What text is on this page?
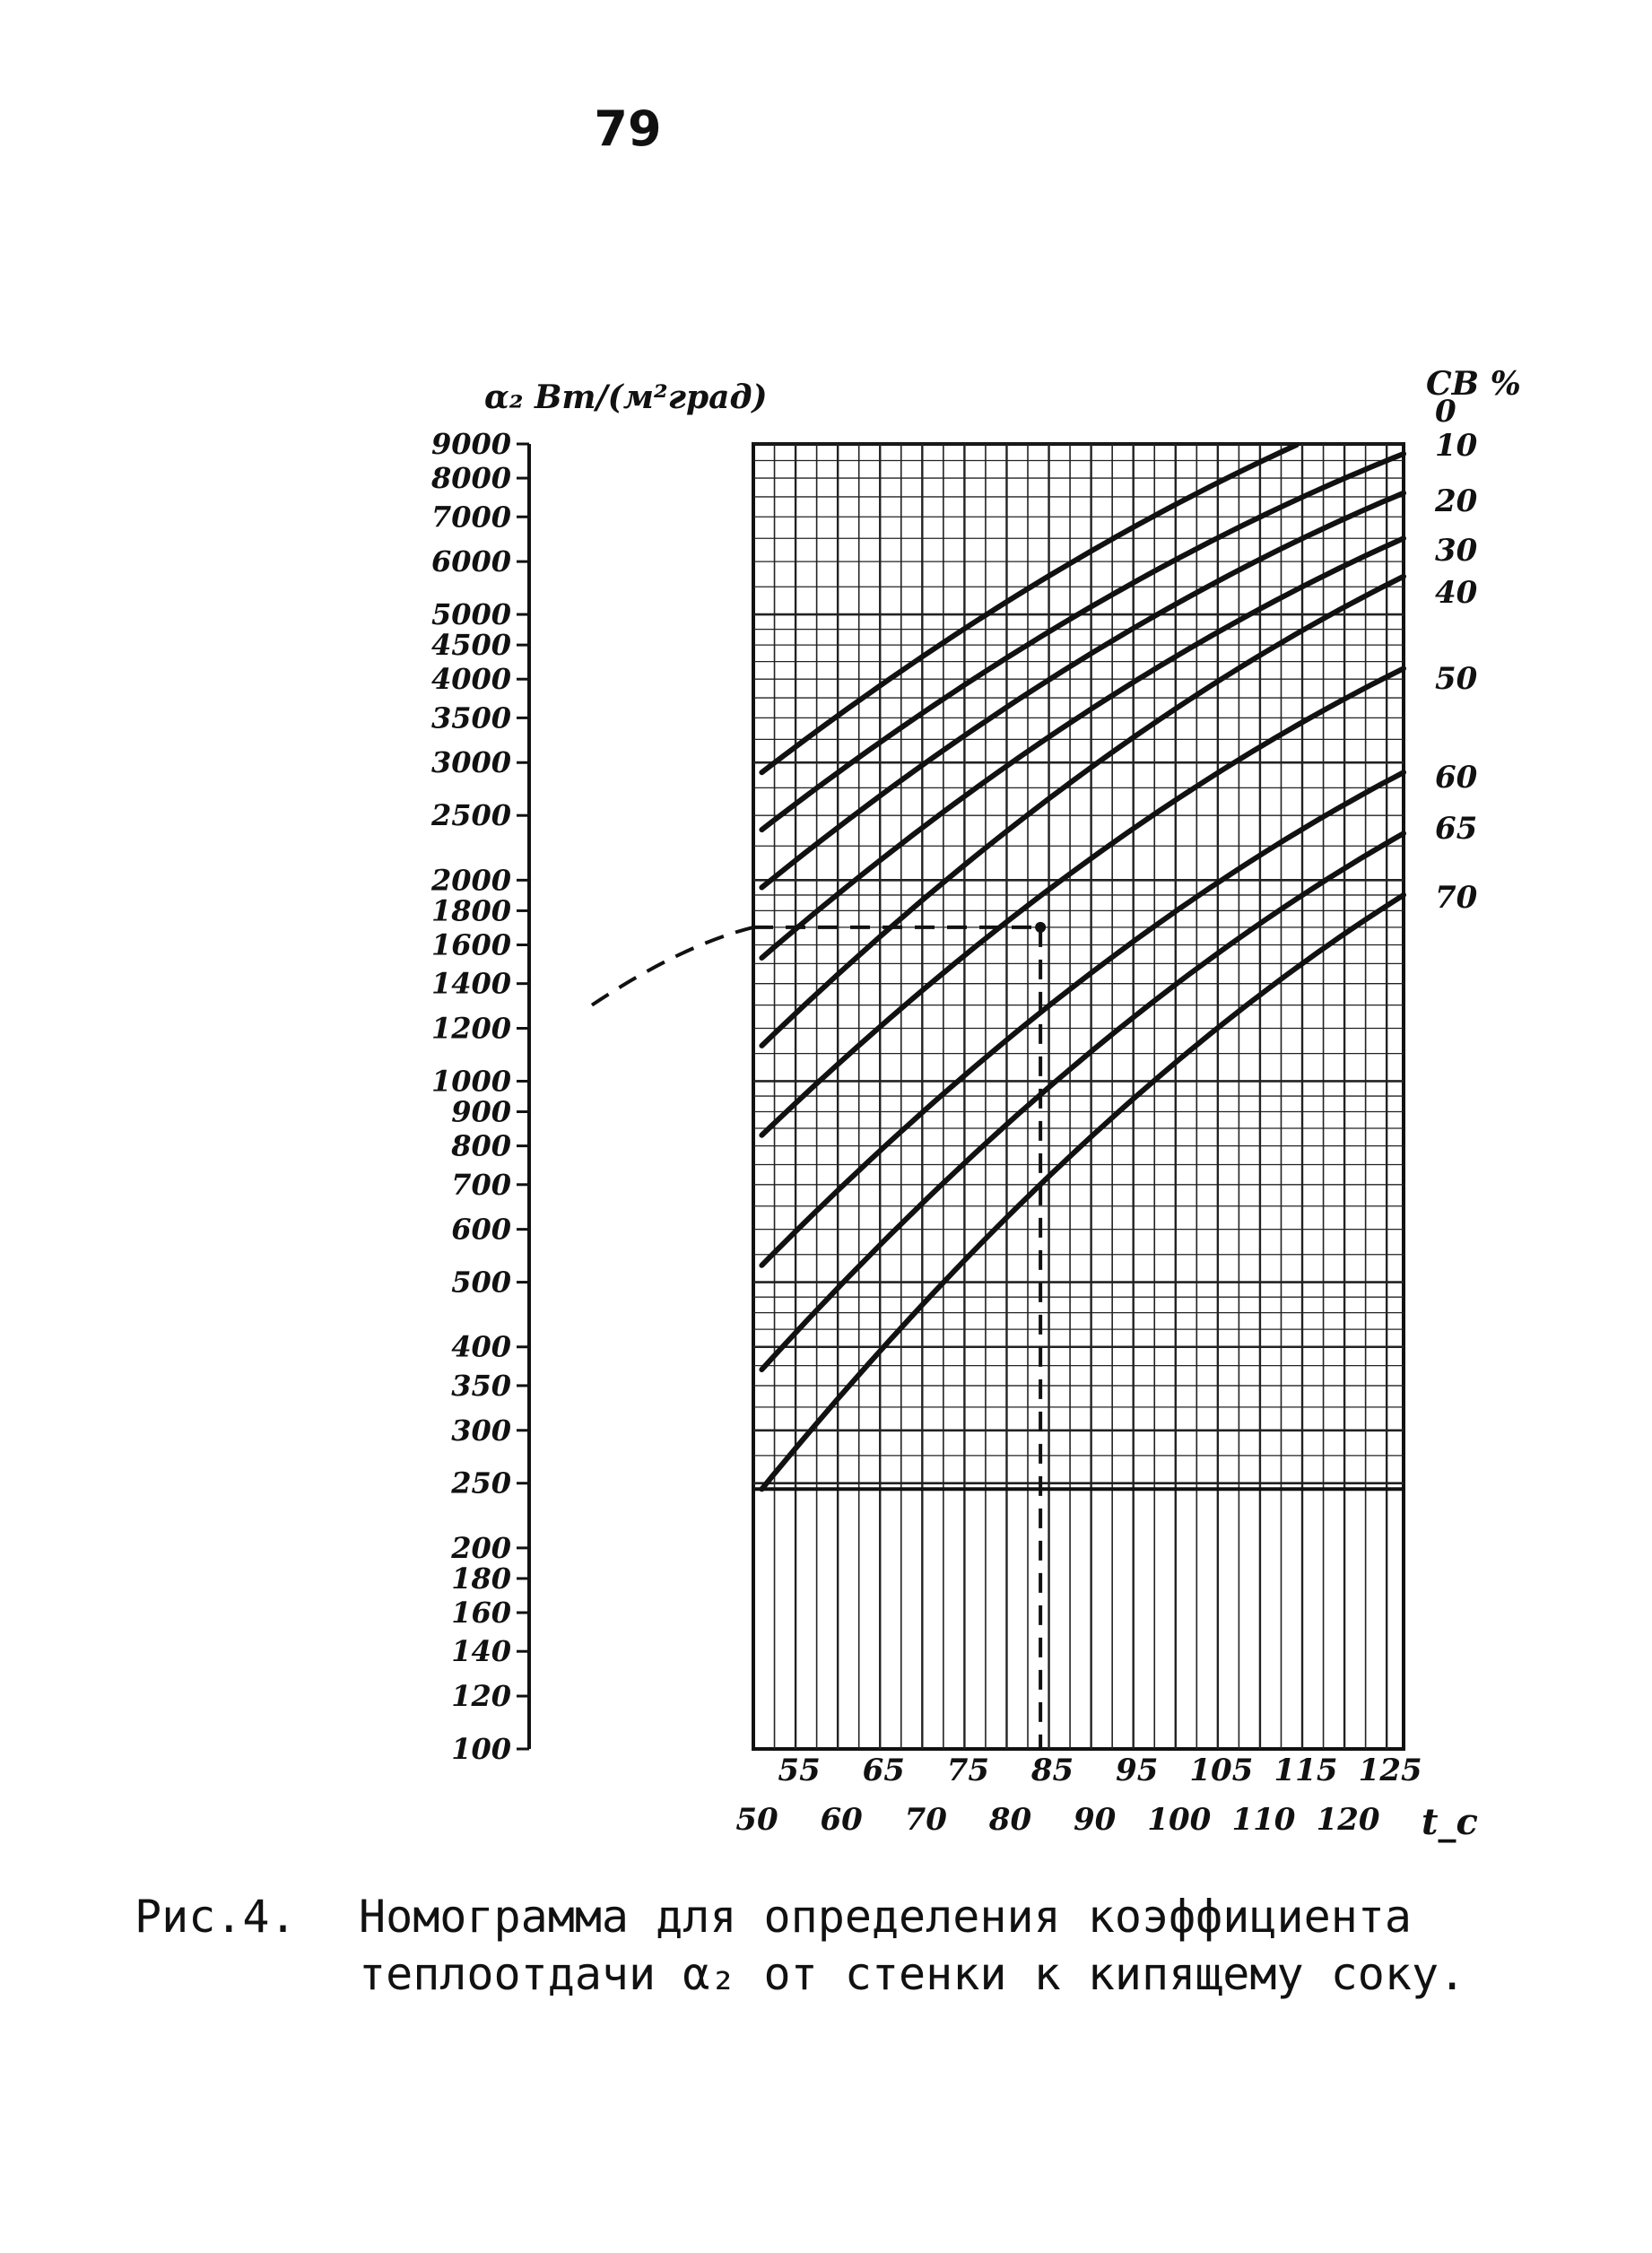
79
9000
8000
7000
6000
5000
4500
4000
3500
3000
2500
2000
1800
1600
1400
1200
1000
900
800
700
600
500
400
350
300
250
200
180
160
140
120
100
α₂ Вт/(м²град)
50 60 70 80 90 100 110 120
55 65 75 85 95 105 115 125
t_c
СВ %
0
10
20
30
40
50
60
65
70
Рис.4.	Номограмма для определения коэффициента теплоотдачи α₂ от стенки к кипящему соку.
